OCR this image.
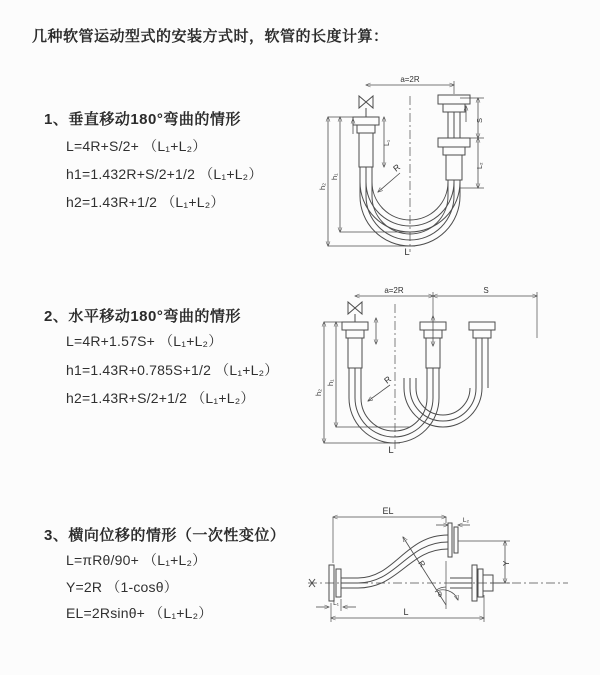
几种软管运动型式的安装方式时，软管的长度计算：
1、垂直移动180°弯曲的情形
L=4R+S/2+ （L₁+L₂）
h1=1.432R+S/2+1/2 （L₁+L₂）
h2=1.43R+1/2 （L₁+L₂）
2、水平移动180°弯曲的情形
L=4R+1.57S+ （L₁+L₂）
h1=1.43R+0.785S+1/2 （L₁+L₂）
h2=1.43R+S/2+1/2 （L₁+L₂）
3、横向位移的情形（一次性变位）
L=πRθ/90+ （L₁+L₂）
Y=2R （1-cosθ）
EL=2Rsinθ+ （L₁+L₂）
a=2R
h₂
h₁
L₁
S
L₂
R
L
a=2R	S
h₂
h₁	R
L
EL
L₂
Y
R
θ
L
L₁
